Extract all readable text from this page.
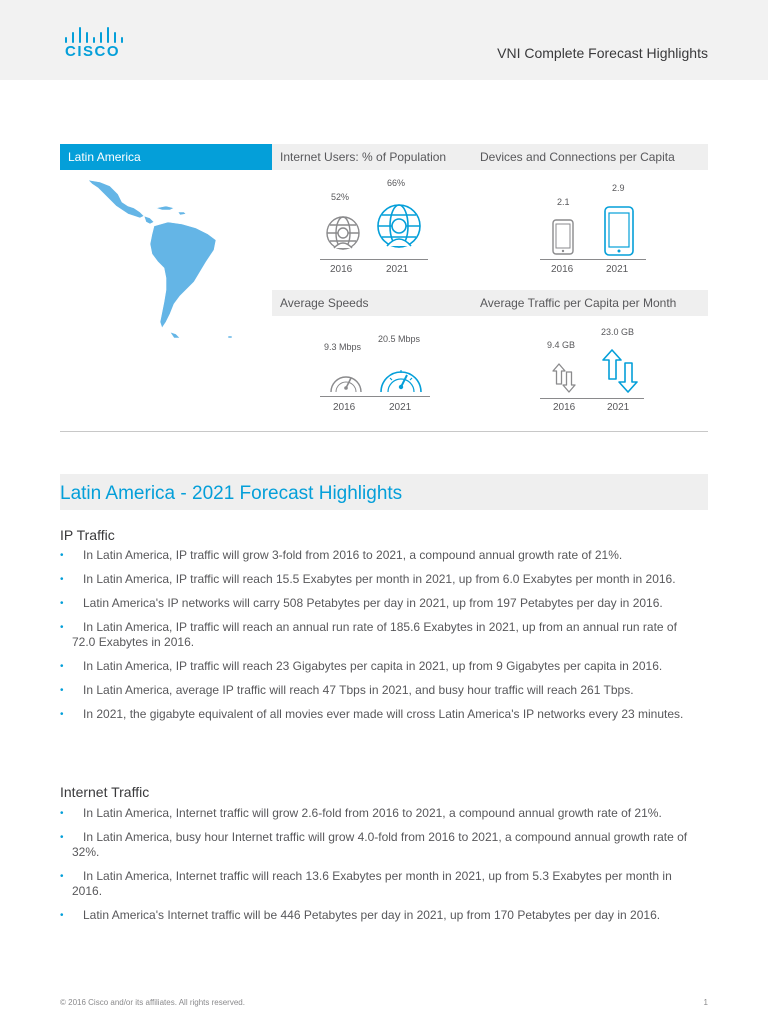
CISCO	VNI Complete Forecast Highlights
Latin America	Internet Users: % of Population
52%
66%
2016	2021
Devices and Connections per Capita
2.1
2.9
2016	2021
Average Speeds
9.3 Mbps
20.5 Mbps
2016	2021
Average Traffic per Capita per Month
9.4 GB
23.0 GB
2016	2021
Latin America - 2021 Forecast Highlights
IP Traffic
• In Latin America, IP traffic will grow 3-fold from 2016 to 2021, a compound annual growth rate of 21%.
• In Latin America, IP traffic will reach 15.5 Exabytes per month in 2021, up from 6.0 Exabytes per month in 2016.
• Latin America's IP networks will carry 508 Petabytes per day in 2021, up from 197 Petabytes per day in 2016.
• In Latin America, IP traffic will reach an annual run rate of 185.6 Exabytes in 2021, up from an annual run rate of 72.0 Exabytes in 2016.
• In Latin America, IP traffic will reach 23 Gigabytes per capita in 2021, up from 9 Gigabytes per capita in 2016.
• In Latin America, average IP traffic will reach 47 Tbps in 2021, and busy hour traffic will reach 261 Tbps.
• In 2021, the gigabyte equivalent of all movies ever made will cross Latin America's IP networks every 23 minutes.
Internet Traffic
• In Latin America, Internet traffic will grow 2.6-fold from 2016 to 2021, a compound annual growth rate of 21%.
• In Latin America, busy hour Internet traffic will grow 4.0-fold from 2016 to 2021, a compound annual growth rate of 32%.
• In Latin America, Internet traffic will reach 13.6 Exabytes per month in 2021, up from 5.3 Exabytes per month in 2016.
• Latin America's Internet traffic will be 446 Petabytes per day in 2021, up from 170 Petabytes per day in 2016.
© 2016 Cisco and/or its affiliates. All rights reserved.	1
